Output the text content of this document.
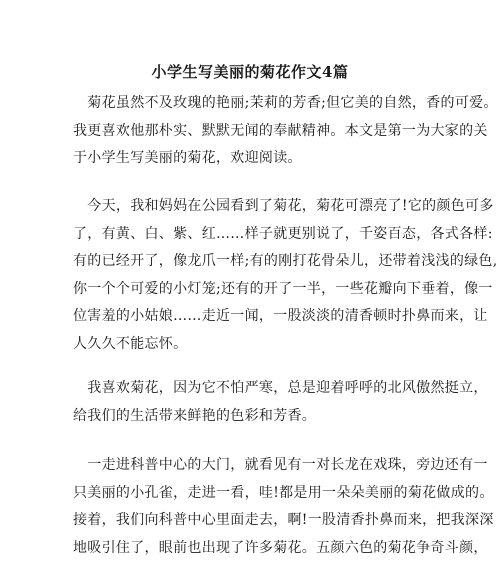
小学生写美丽的菊花作文4篇

　菊花虽然不及玫瑰的艳丽;茉莉的芳香;但它美的自然，香的可爱。
我更喜欢他那朴实、默默无闻的奉献精神。本文是第一为大家的关
于小学生写美丽的菊花，欢迎阅读。

　今天，我和妈妈在公园看到了菊花，菊花可漂亮了!它的颜色可多
了，有黄、白、紫、红……样子就更别说了，千姿百态，各式各样:
有的已经开了，像龙爪一样;有的刚打花骨朵儿，还带着浅浅的绿色,
你一个个可爱的小灯笼;还有的开了一半，一些花瓣向下垂着，像一
位害羞的小姑娘……走近一闻，一股淡淡的清香顿时扑鼻而来，让
人久久不能忘怀。

　我喜欢菊花，因为它不怕严寒，总是迎着呼呼的北风傲然挺立，
给我们的生活带来鲜艳的色彩和芳香。

　一走进科普中心的大门，就看见有一对长龙在戏珠，旁边还有一
只美丽的小孔雀，走进一看，哇!都是用一朵朵美丽的菊花做成的。
接着，我们向科普中心里面走去，啊!一股清香扑鼻而来，把我深深
地吸引住了，眼前也出现了许多菊花。五颜六色的菊花争奇斗颜，
